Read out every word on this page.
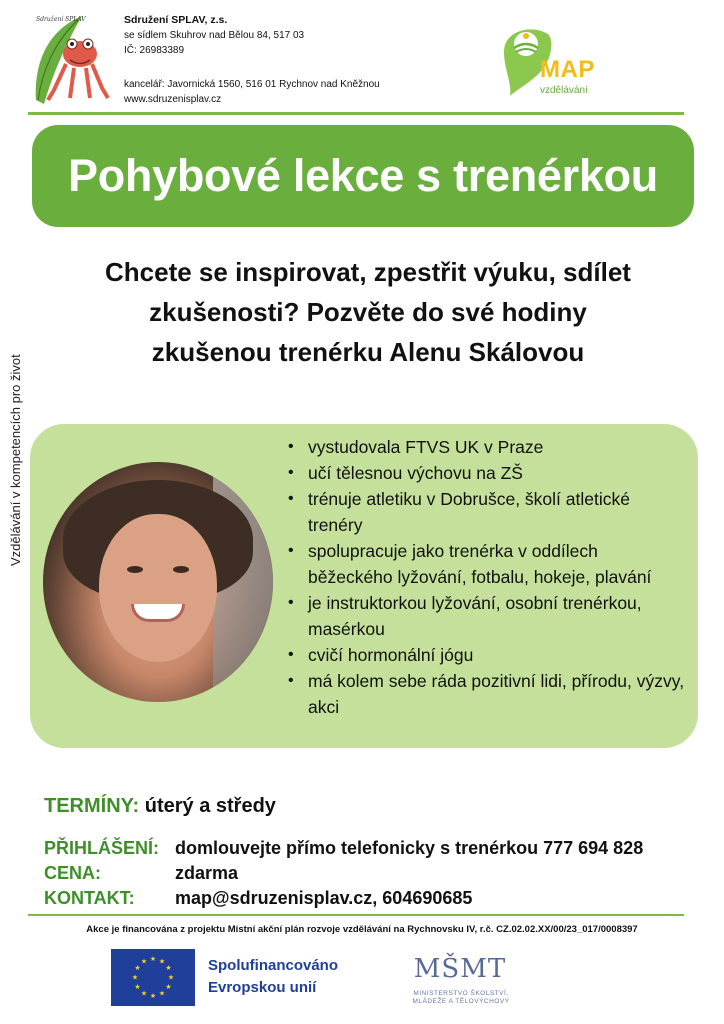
Sdružení SPLAV	Sdružení SPLAV, z.s.
se sídlem Skuhrov nad Bělou 84, 517 03
IČ: 26983389
kancelář: Javornická 1560, 516 01 Rychnov nad Kněžnou
www.sdruzenisplav.cz
MAP
vzdělávání
Pohybové lekce s trenérkou
Vzdělávání v kompetencích pro život
Chcete se inspirovat, zpestřit výuku, sdílet
zkušenosti? Pozvěte do své hodiny
zkušenou trenérku Alenu Skálovou
• vystudovala FTVS UK v Praze
• učí tělesnou výchovu na ZŠ
• trénuje atletiku v Dobrušce, školí atletické trenéry
• spolupracuje jako trenérka v oddílech běžeckého lyžování, fotbalu, hokeje, plavání
• je instruktorkou lyžování, osobní trenérkou, masérkou
• cvičí hormonální jógu
• má kolem sebe ráda pozitivní lidi, přírodu, výzvy, akci
TERMÍNY: úterý a středy
PŘIHLÁŠENÍ: domlouvejte přímo telefonicky s trenérkou 777 694 828
CENA:	zdarma
KONTAKT: map@sdruzenisplav.cz, 604690685
Akce je financována z projektu Místní akční plán rozvoje vzdělávání na Rychnovsku IV, r.č. CZ.02.02.XX/00/23_017/0008397
★ ★
★
★
★
★
★
★
★
★
★
★	Spolufinancováno
Evropskou unií
MŠMT
MINISTERSTVO ŠKOLSTVÍ,
MLÁDEŽE A TĚLOVÝCHOVY
